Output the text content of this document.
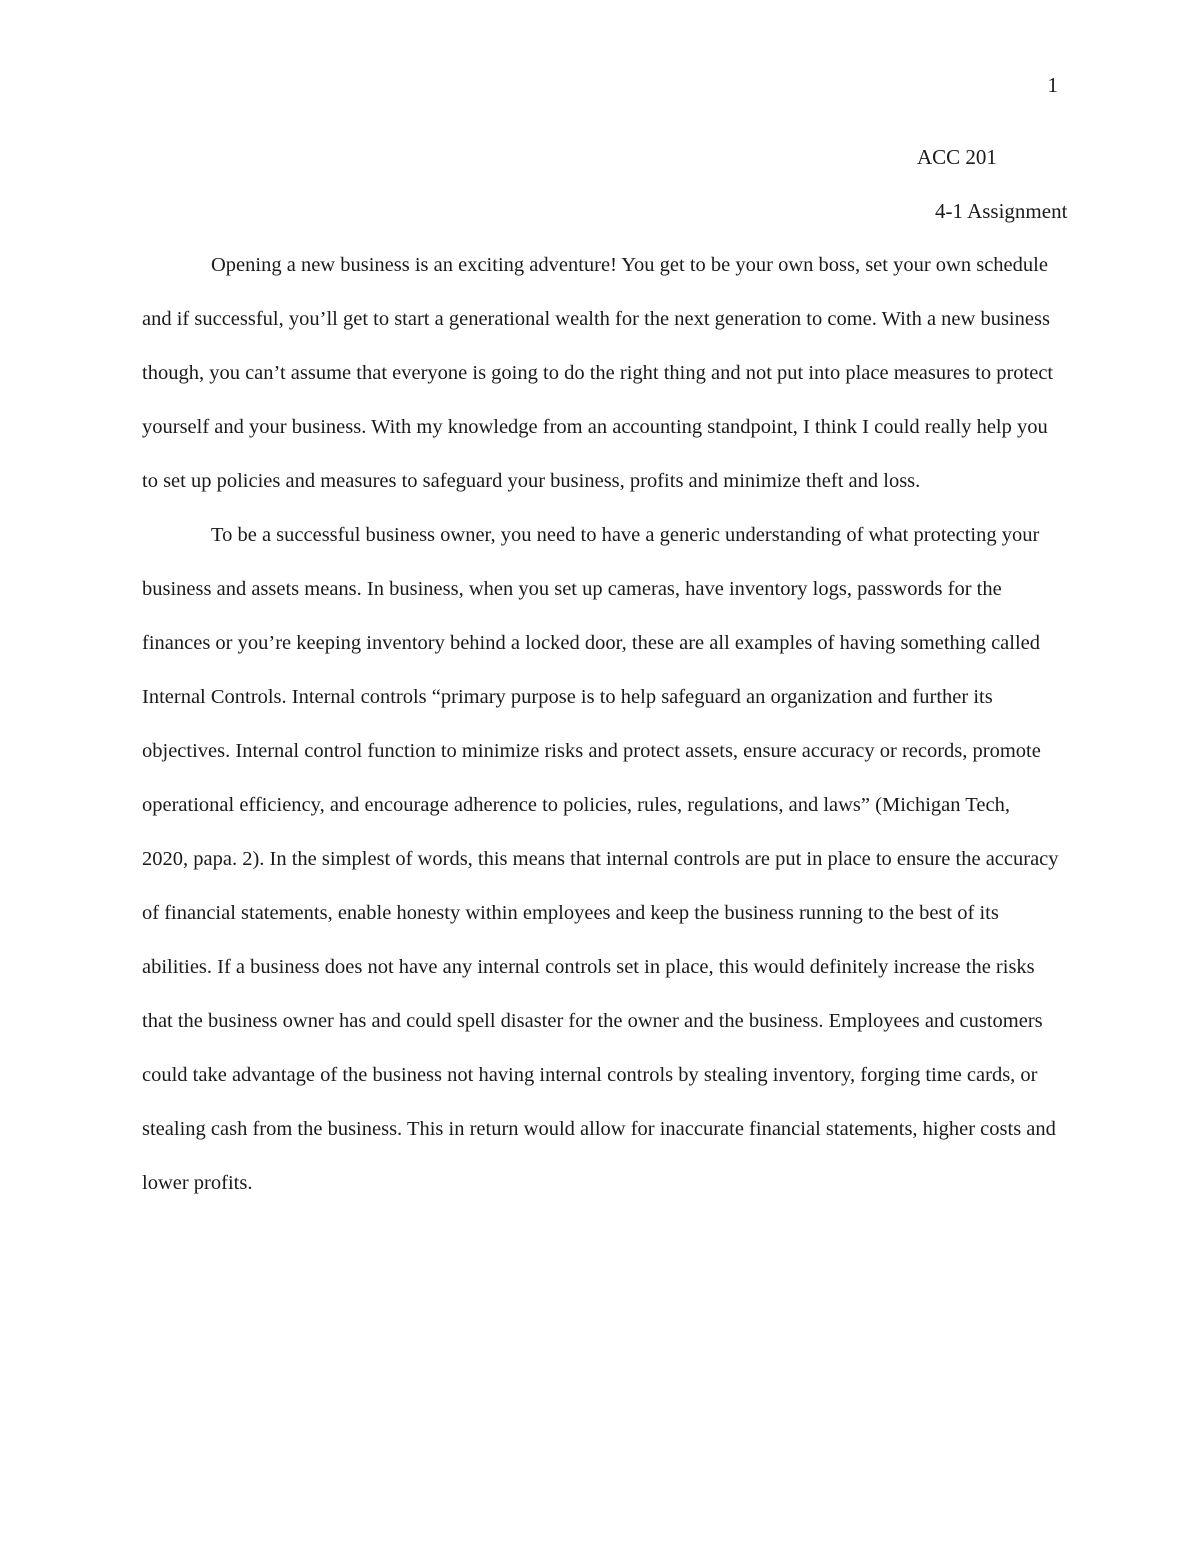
1
ACC 201
4-1 Assignment

Opening a new business is an exciting adventure! You get to be your own boss, set your own schedule and if successful, you’ll get to start a generational wealth for the next generation to come. With a new business though, you can’t assume that everyone is going to do the right thing and not put into place measures to protect yourself and your business. With my knowledge from an accounting standpoint, I think I could really help you to set up policies and measures to safeguard your business, profits and minimize theft and loss.

To be a successful business owner, you need to have a generic understanding of what protecting your business and assets means. In business, when you set up cameras, have inventory logs, passwords for the finances or you’re keeping inventory behind a locked door, these are all examples of having something called Internal Controls. Internal controls “primary purpose is to help safeguard an organization and further its objectives. Internal control function to minimize risks and protect assets, ensure accuracy or records, promote operational efficiency, and encourage adherence to policies, rules, regulations, and laws” (Michigan Tech, 2020, papa. 2). In the simplest of words, this means that internal controls are put in place to ensure the accuracy of financial statements, enable honesty within employees and keep the business running to the best of its abilities. If a business does not have any internal controls set in place, this would definitely increase the risks that the business owner has and could spell disaster for the owner and the business. Employees and customers could take advantage of the business not having internal controls by stealing inventory, forging time cards, or stealing cash from the business. This in return would allow for inaccurate financial statements, higher costs and lower profits.
